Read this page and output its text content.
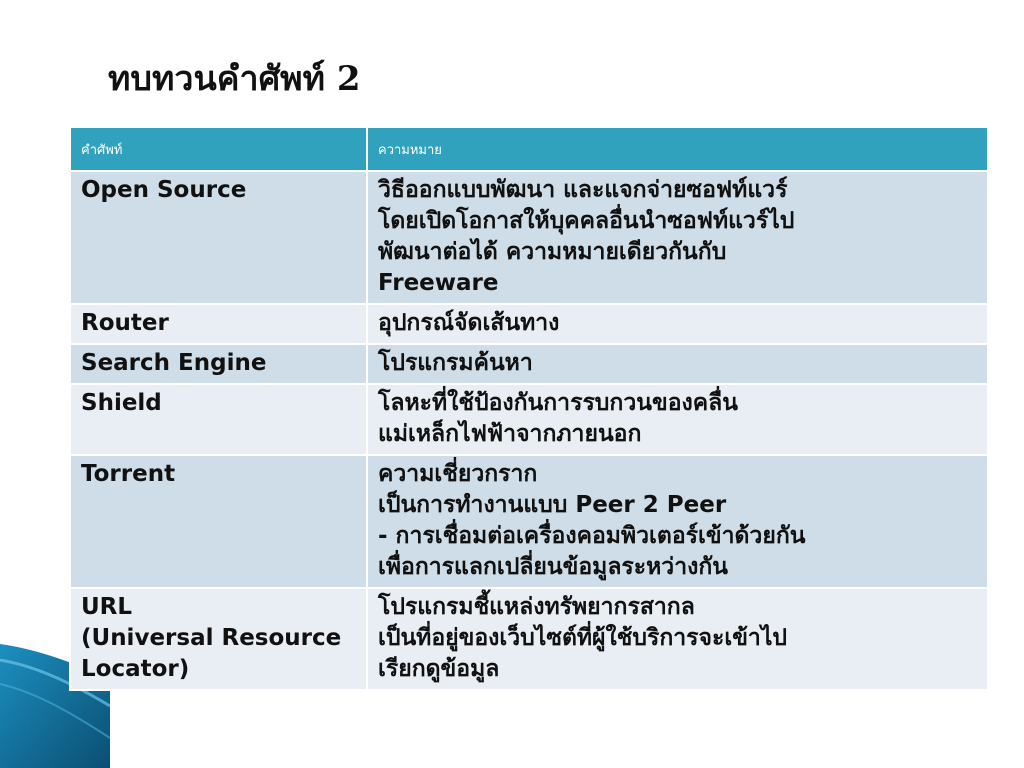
ทบทวนคำศัพท์ 2
คำศัพท์	ความหมาย

Open Source	วิธีออกแบบพัฒนา และแจกจ่ายซอฟท์แวร์
โดยเปิดโอกาสให้บุคคลอื่นนำซอฟท์แวร์ไป
พัฒนาต่อได้ ความหมายเดียวกันกับ
Freeware

Router	อุปกรณ์จัดเส้นทาง

Search Engine	โปรแกรมค้นหา

Shield	โลหะที่ใช้ป้องกันการรบกวนของคลื่น
แม่เหล็กไฟฟ้าจากภายนอก

Torrent	ความเชี่ยวกราก
เป็นการทำงานแบบ Peer 2 Peer
- การเชื่อมต่อเครื่องคอมพิวเตอร์เข้าด้วยกัน
เพื่อการแลกเปลี่ยนข้อมูลระหว่างกัน

URL
(Universal Resource
Locator)	โปรแกรมชี้แหล่งทรัพยากรสากล
เป็นที่อยู่ของเว็บไซต์ที่ผู้ใช้บริการจะเข้าไป
เรียกดูข้อมูล
